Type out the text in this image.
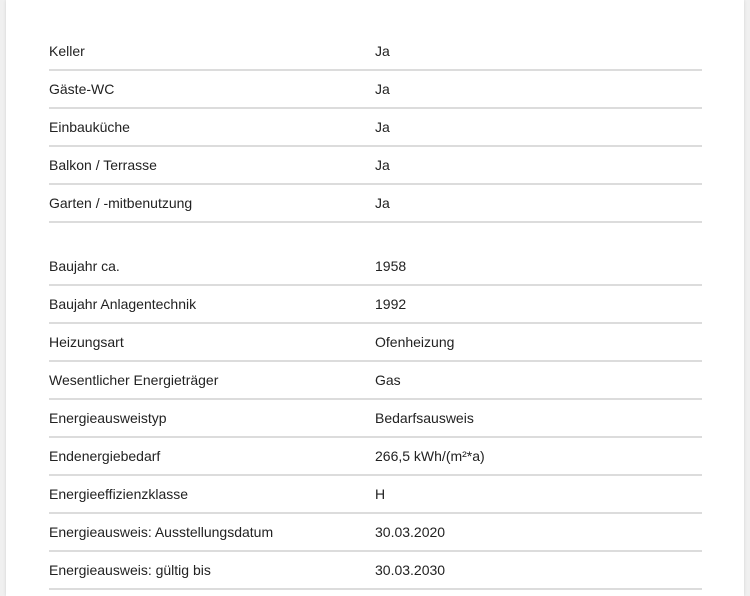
Keller	Ja
Gäste-WC	Ja
Einbauküche	Ja
Balkon / Terrasse	Ja
Garten / -mitbenutzung	Ja
Baujahr ca.	1958
Baujahr Anlagentechnik	1992
Heizungsart	Ofenheizung
Wesentlicher Energieträger	Gas
Energieausweistyp	Bedarfsausweis
Endenergiebedarf	266,5 kWh/(m²*a)
Energieeffizienzklasse	H
Energieausweis: Ausstellungsdatum	30.03.2020
Energieausweis: gültig bis	30.03.2030
